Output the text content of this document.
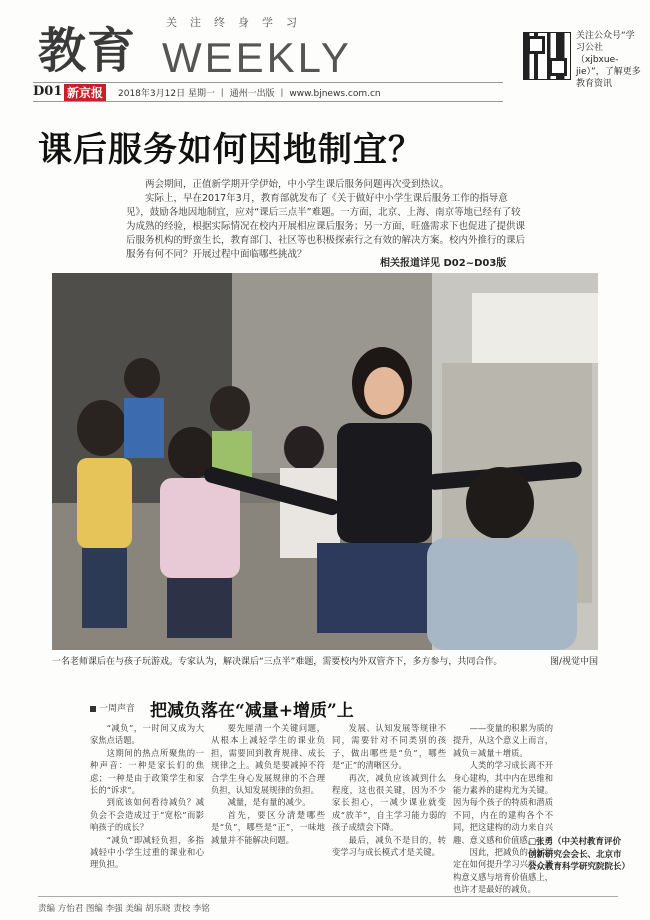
教育
关注终身学习
WEEKLY
D01 新京报	2018年3月12日 星期一 丨 通州一出版 丨 www.bjnews.com.cn
关注公众号“学习公社（xjbxue-jie）”，了解更多教育资讯
课后服务如何因地制宜？

两会期间，正值新学期开学伊始，中小学生课后服务问题再次受到热议。

实际上，早在2017年3月，教育部就发布了《关于做好中小学生课后服务工作的指导意见》，鼓励各地因地制宜，应对“课后三点半”难题。一方面，北京、上海、南京等地已经有了较为成熟的经验，根据实际情况在校内开展相应课后服务；另一方面，旺盛需求下也促进了提供课后服务机构的野蛮生长，教育部门、社区等也积极探索行之有效的解决方案。校内外推行的课后服务有何不同？开展过程中面临哪些挑战？

相关报道详见 D02~D03版
一名老师课后在与孩子玩游戏。专家认为，解决课后“三点半”难题，需要校内外双管齐下，多方参与，共同合作。	图/视觉中国
一周声音 把减负落在“减量+增质”上

“减负”，一时间又成为大家焦点话题。

这期间的热点所聚焦的一种声音：一种是家长们的焦虑；一种是由于政策学生和家长的“诉求”。

到底该如何看待减负？减负会不会造成过于“宽松”而影响孩子的成长？

“减负”即减轻负担，多指减轻中小学生过重的课业和心理负担。

要先厘清一个关键问题，从根本上减轻学生的课业负担，需要回到教育规律、成长规律之上。减负是要减掉不符合学生身心发展规律的不合理负担，认知发展规律的负担。

减量，是有量的减少。

首先，要区分清楚哪些是“负”，哪些是“正”，一味地减量并不能解决问题。

发展、认知发展等规律不同，需要针对不同类别的孩子，做出哪些是“负”，哪些是“正”的清晰区分。

再次，减负应该减到什么程度，这也很关键，因为不少家长担心，一减少课业就变成“放羊”，自主学习能力弱的孩子成绩会下降。

最后，减负不是目的，转变学习与成长模式才是关键。

——变量的积累为质的提升，从这个意义上而言，减负＝减量＋增质。

人类的学习成长离不开身心建构，其中内在思维和能力素养的建构尤为关键。因为每个孩子的特质和潜质不同，内在的建构各个不同，把这建构的动力来自兴趣、意义感和价值感。

因此，把减负的目标锁定在如何提升学习兴趣、建构意义感与培育价值感上，也许才是最好的减负。

□张勇（中关村教育评价创新研究会会长、北京市公众教育科学研究院院长）
责编 方怡君 图编 李强 美编 胡乐晓 责校 李铭
